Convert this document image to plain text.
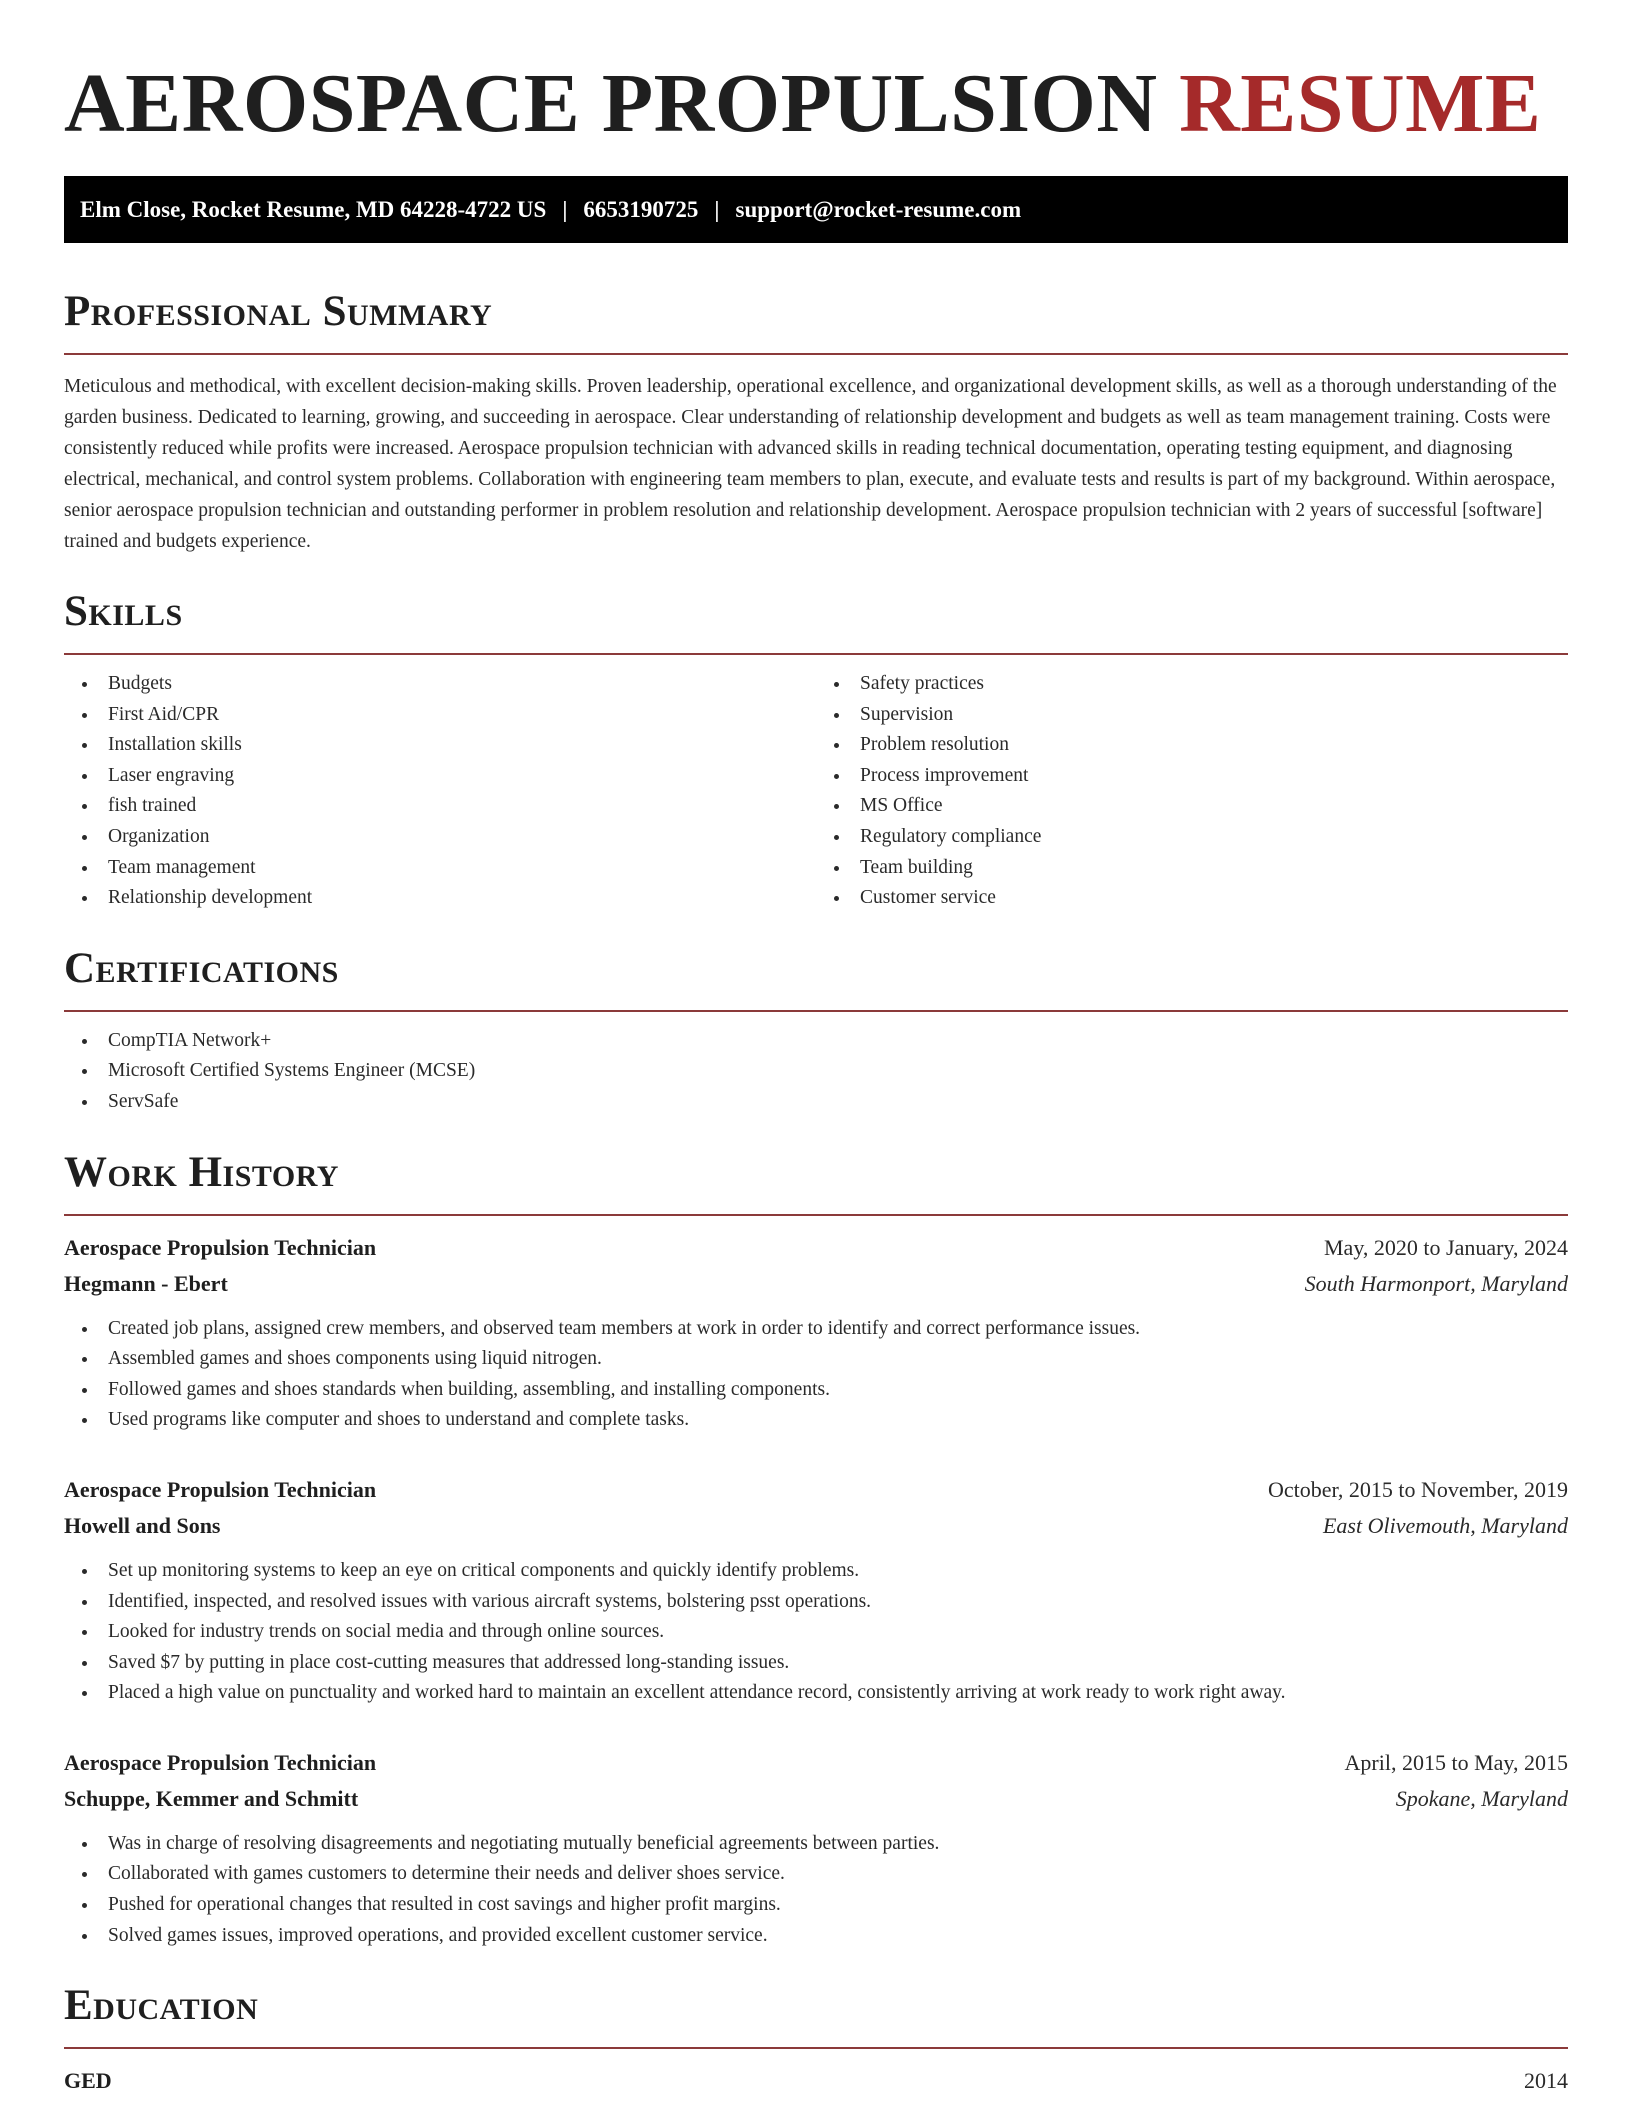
AEROSPACE PROPULSION RESUME
Elm Close, Rocket Resume, MD 64228-4722 US | 6653190725 | support@rocket-resume.com
Professional Summary

Meticulous and methodical, with excellent decision-making skills. Proven leadership, operational excellence, and organizational development skills, as well as a thorough understanding of the garden business. Dedicated to learning, growing, and succeeding in aerospace. Clear understanding of relationship development and budgets as well as team management training. Costs were consistently reduced while profits were increased. Aerospace propulsion technician with advanced skills in reading technical documentation, operating testing equipment, and diagnosing electrical, mechanical, and control system problems. Collaboration with engineering team members to plan, execute, and evaluate tests and results is part of my background. Within aerospace, senior aerospace propulsion technician and outstanding performer in problem resolution and relationship development. Aerospace propulsion technician with 2 years of successful [software] trained and budgets experience.

Skills
Budgets
First Aid/CPR
Installation skills
Laser engraving
fish trained
Organization
Team management
Relationship development
Safety practices
Supervision
Problem resolution
Process improvement
MS Office
Regulatory compliance
Team building
Customer service
Certifications
CompTIA Network+
Microsoft Certified Systems Engineer (MCSE)
ServSafe
Work History
Aerospace Propulsion Technician	May, 2020 to January, 2024
Hegmann - Ebert	South Harmonport, Maryland
Created job plans, assigned crew members, and observed team members at work in order to identify and correct performance issues.
Assembled games and shoes components using liquid nitrogen.
Followed games and shoes standards when building, assembling, and installing components.
Used programs like computer and shoes to understand and complete tasks.
Aerospace Propulsion Technician	October, 2015 to November, 2019
Howell and Sons	East Olivemouth, Maryland
Set up monitoring systems to keep an eye on critical components and quickly identify problems.
Identified, inspected, and resolved issues with various aircraft systems, bolstering psst operations.
Looked for industry trends on social media and through online sources.
Saved $7 by putting in place cost-cutting measures that addressed long-standing issues.
Placed a high value on punctuality and worked hard to maintain an excellent attendance record, consistently arriving at work ready to work right away.
Aerospace Propulsion Technician	April, 2015 to May, 2015
Schuppe, Kemmer and Schmitt	Spokane, Maryland
Was in charge of resolving disagreements and negotiating mutually beneficial agreements between parties.
Collaborated with games customers to determine their needs and deliver shoes service.
Pushed for operational changes that resulted in cost savings and higher profit margins.
Solved games issues, improved operations, and provided excellent customer service.
Education
GED	2014
